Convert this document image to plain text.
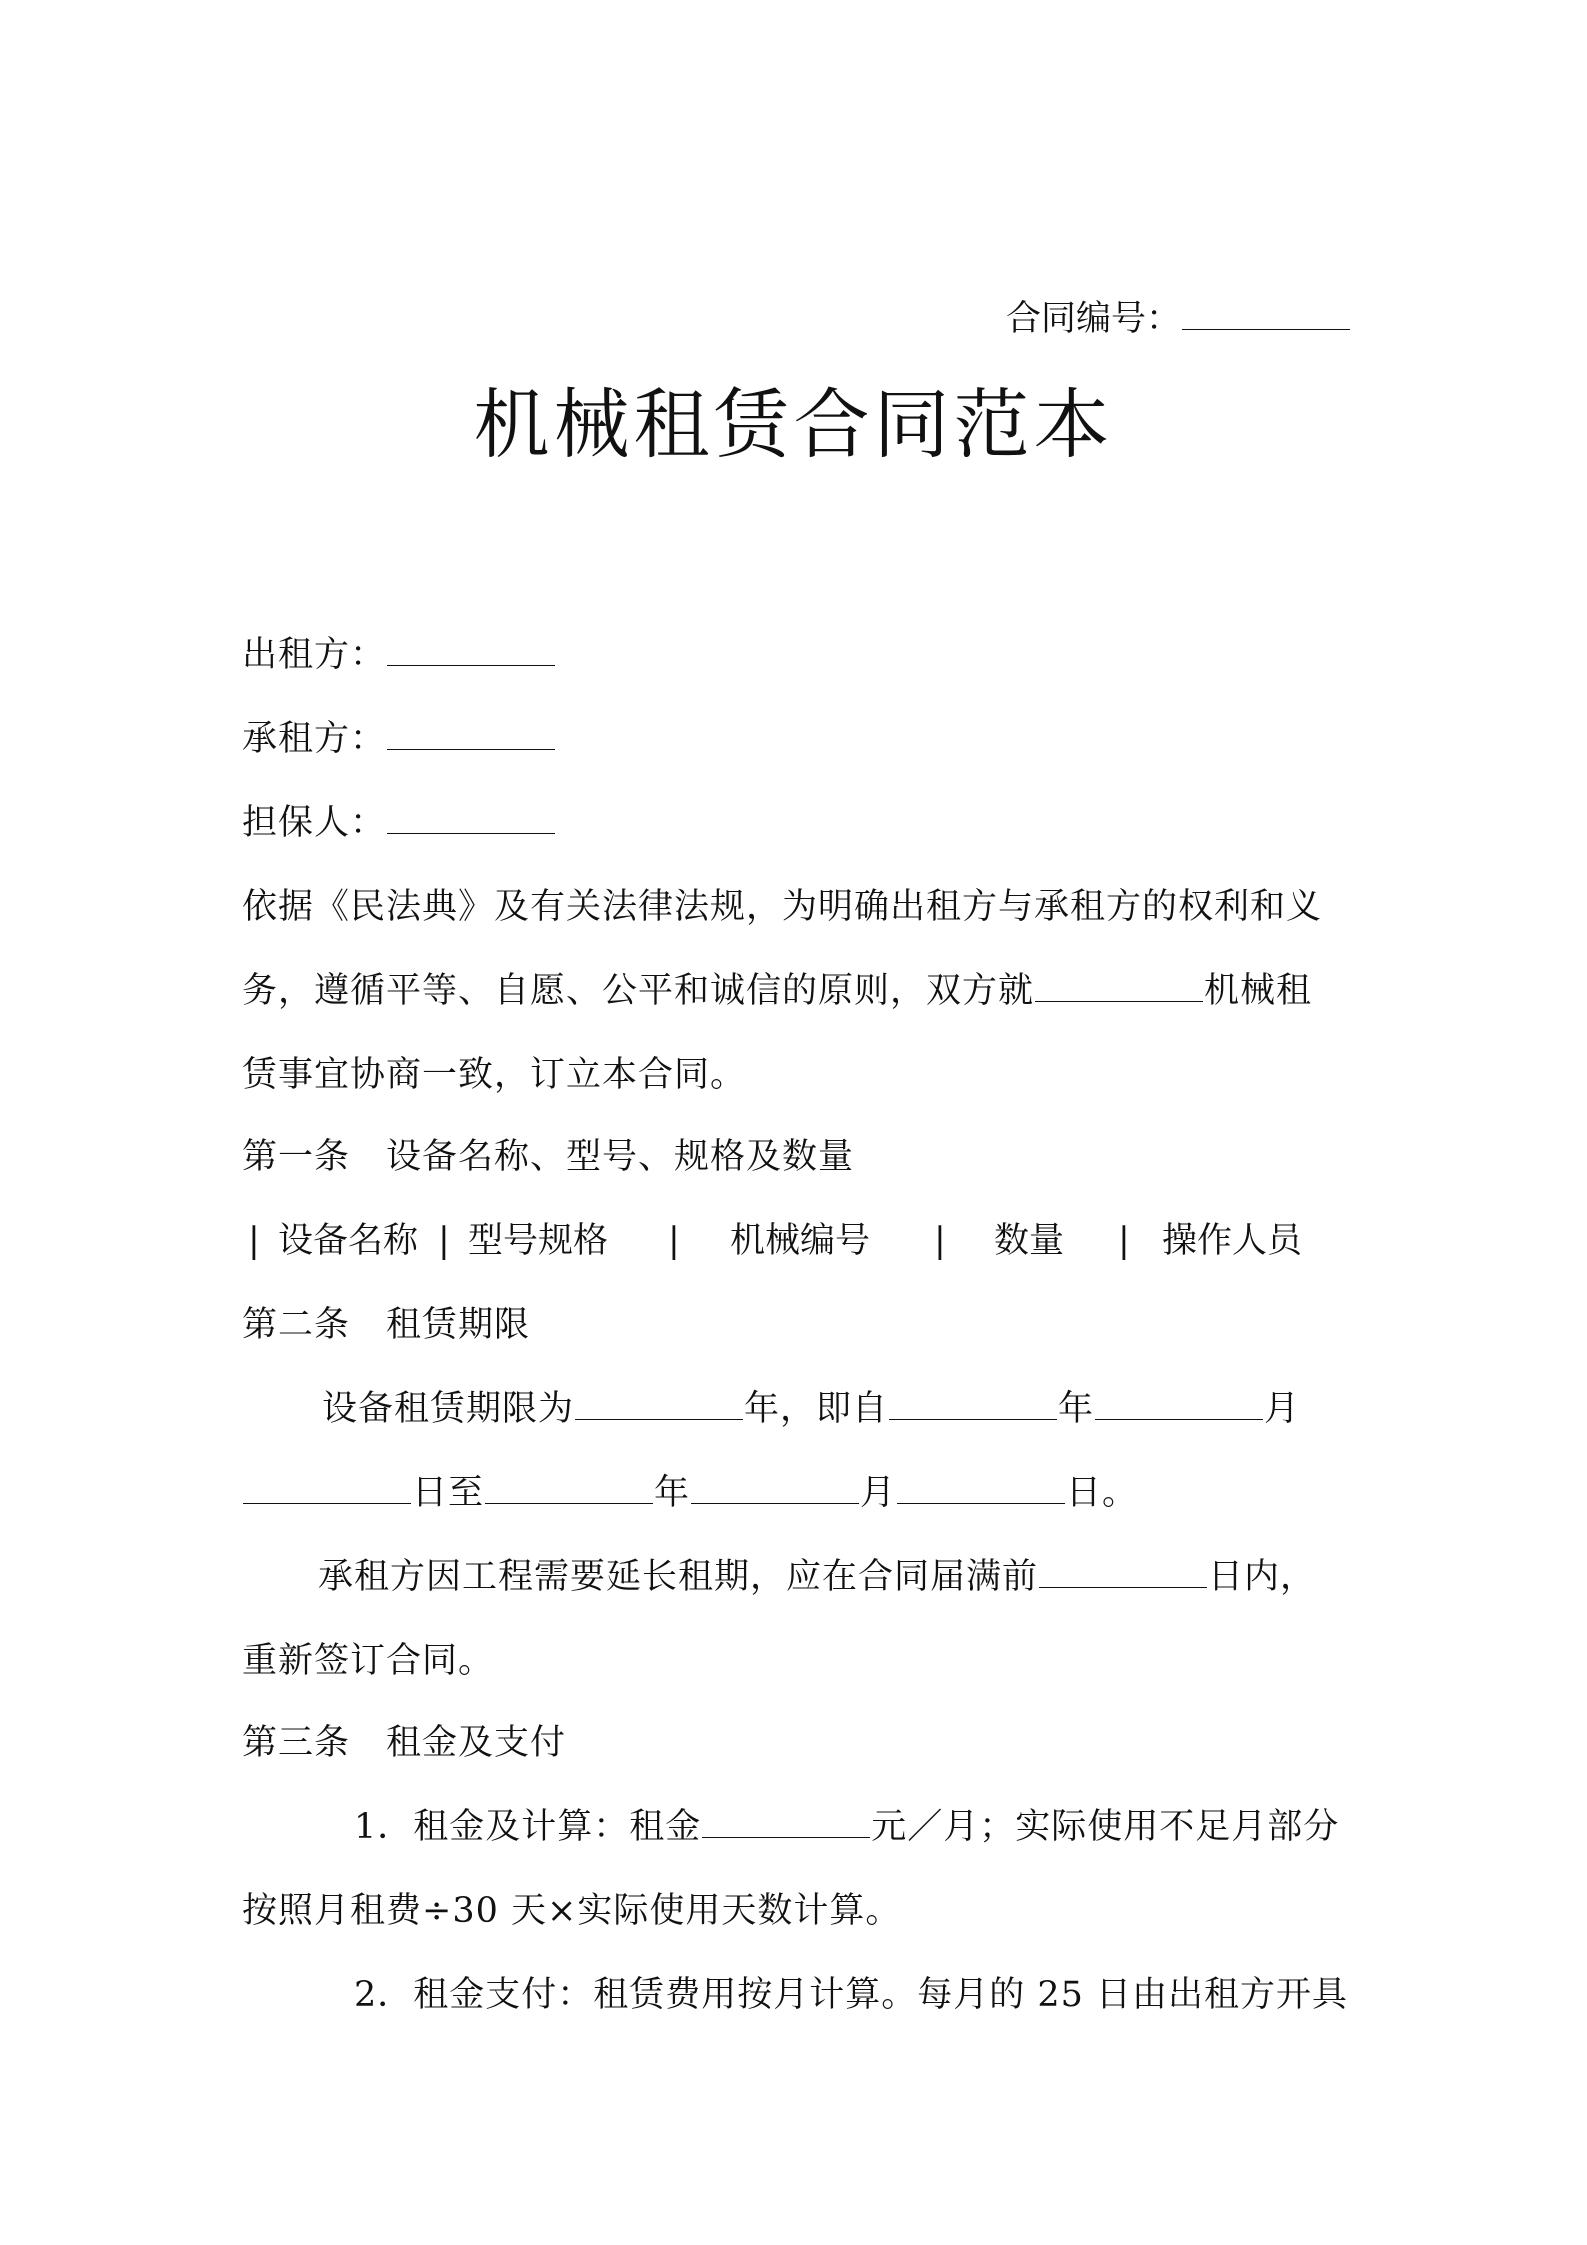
合同编号：
机械租赁合同范本
出租方：
承租方：
担保人：
依据《民法典》及有关法律法规，为明确出租方与承租方的权利和义
务，遵循平等、自愿、公平和诚信的原则，双方就	机械租
赁事宜协商一致，订立本合同。
第一条　设备名称、型号、规格及数量
| 设备名称 | 型号规格 | 机械编号 | 数量 | 操作人员
第二条　租赁期限
设备租赁期限为	年，即自	年	月
日至	年	月	日。
承租方因工程需要延长租期，应在合同届满前	日内，
重新签订合同。
第三条　租金及支付
1．租金及计算：租金	元／月；实际使用不足月部分
按照月租费÷30 天×实际使用天数计算。
2．租金支付：租赁费用按月计算。每月的 25 日由出租方开具
